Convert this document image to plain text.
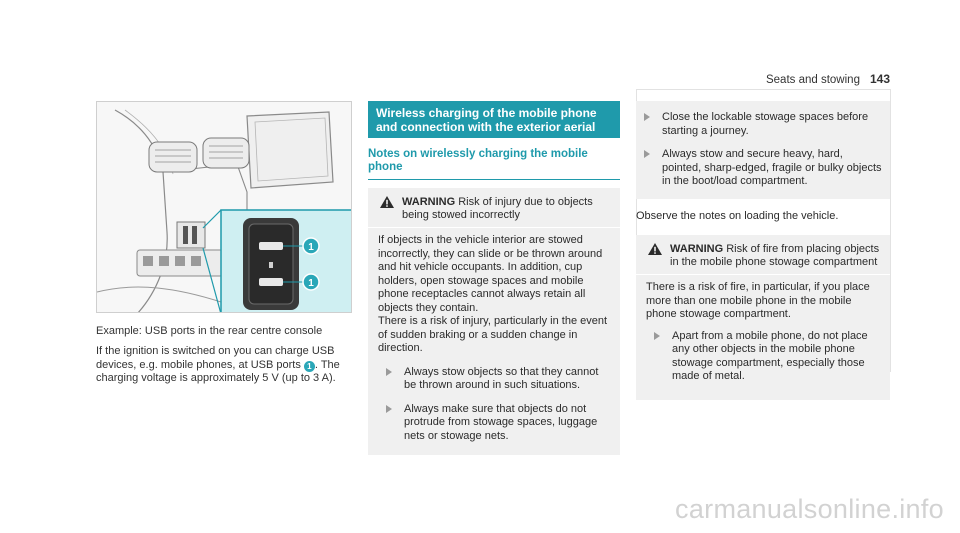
Seats and stowing 143
1
1

Example: USB ports in the rear centre console

If the ignition is switched on you can charge USB devices, e.g. mobile phones, at USB ports 1 . The charging voltage is approximately 5 V (up to 3 A).

Wireless charging of the mobile phone and connection with the exterior aerial
Notes on wirelessly charging the mobile phone
WARNING Risk of injury due to objects being stowed incorrectly

If objects in the vehicle interior are stowed incorrectly, they can slide or be thrown around and hit vehicle occupants. In addition, cup holders, open stowage spaces and mobile phone receptacles cannot always retain all objects they contain.

There is a risk of injury, particularly in the event of sudden braking or a sudden change in direction.

Always stow objects so that they cannot be thrown around in such situations.
Always make sure that objects do not protrude from stowage spaces, luggage nets or stowage nets.
Close the lockable stowage spaces before starting a journey.
Always stow and secure heavy, hard, pointed, sharp-edged, fragile or bulky objects in the boot/load compartment.

Observe the notes on loading the vehicle.

WARNING Risk of fire from placing objects in the mobile phone stowage compartment

There is a risk of fire, in particular, if you place more than one mobile phone in the mobile phone stowage compartment.

Apart from a mobile phone, do not place any other objects in the mobile phone stowage compartment, especially those made of metal.
carmanualsonline.info
